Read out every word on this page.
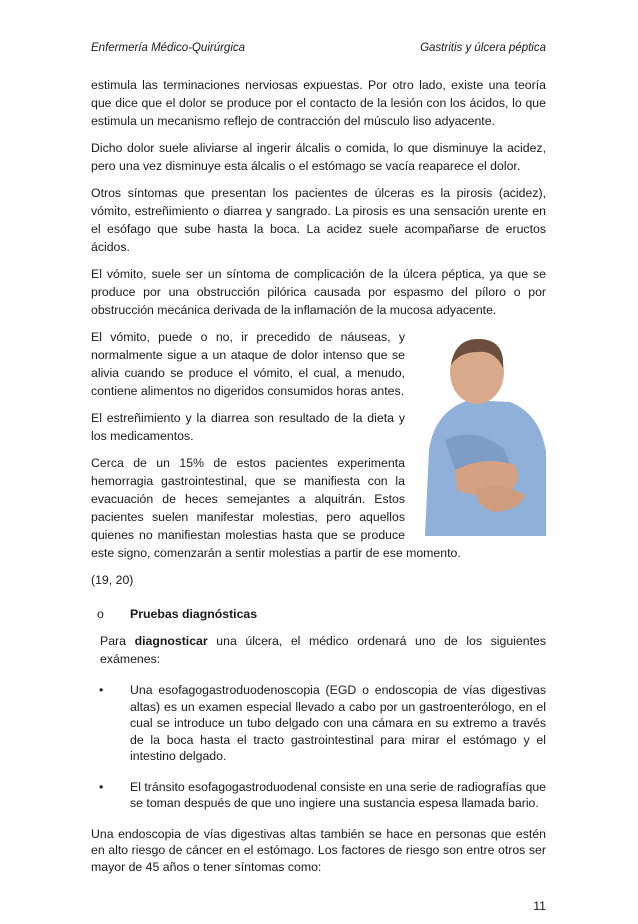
Enfermería Médico-Quirúrgica	Gastritis y úlcera péptica

estimula las terminaciones nerviosas expuestas. Por otro lado, existe una teoría que dice que el dolor se produce por el contacto de la lesión con los ácidos, lo que estimula un mecanismo reflejo de contracción del músculo liso adyacente.

Dicho dolor suele aliviarse al ingerir álcalis o comida, lo que disminuye la acidez, pero una vez disminuye esta álcalis o el estómago se vacía reaparece el dolor.

Otros síntomas que presentan los pacientes de úlceras es la pirosis (acidez), vómito, estreñimiento o diarrea y sangrado. La pirosis es una sensación urente en el esófago que sube hasta la boca. La acidez suele acompañarse de eructos ácidos.

El vómito, suele ser un síntoma de complicación de la úlcera péptica, ya que se produce por una obstrucción pilórica causada por espasmo del píloro o por obstrucción mecánica derivada de la inflamación de la mucosa adyacente.

El vómito, puede o no, ir precedido de náuseas, y normalmente sigue a un ataque de dolor intenso que se alivia cuando se produce el vómito, el cual, a menudo, contiene alimentos no digeridos consumidos horas antes.

El estreñimiento y la diarrea son resultado de la dieta y los medicamentos.

Cerca de un 15% de estos pacientes experimenta hemorragia gastrointestinal, que se manifiesta con la evacuación de heces semejantes a alquitrán. Estos pacientes suelen manifestar molestias, pero aquellos quienes no manifiestan molestias hasta que se produce este signo, comenzarán a sentir molestias a partir de ese momento.

(19, 20)

o Pruebas diagnósticas

Para diagnosticar una úlcera, el médico ordenará uno de los siguientes exámenes:

• Una esofagogastroduodenoscopia (EGD o endoscopia de vías digestivas altas) es un examen especial llevado a cabo por un gastroenterólogo, en el cual se introduce un tubo delgado con una cámara en su extremo a través de la boca hasta el tracto gastrointestinal para mirar el estómago y el intestino delgado.

• El tránsito esofagogastroduodenal consiste en una serie de radiografías que se toman después de que uno ingiere una sustancia espesa llamada bario.

Una endoscopia de vías digestivas altas también se hace en personas que estén en alto riesgo de cáncer en el estómago. Los factores de riesgo son entre otros ser mayor de 45 años o tener síntomas como:

11
